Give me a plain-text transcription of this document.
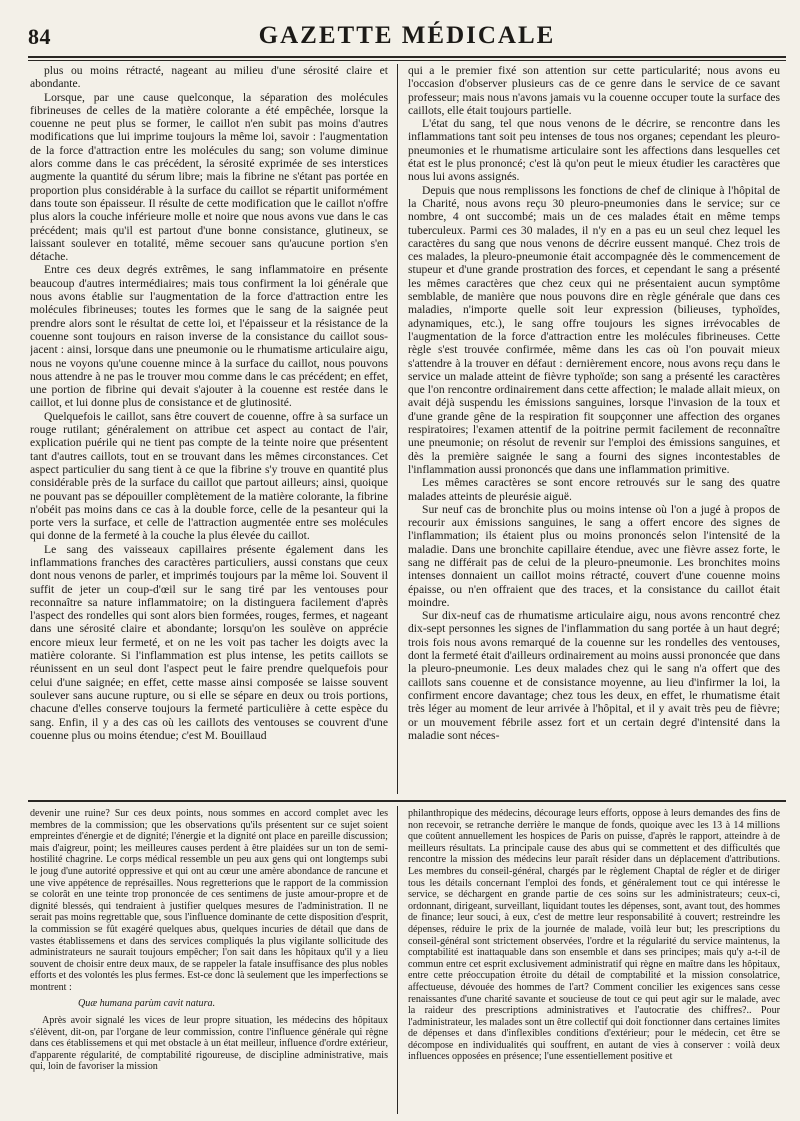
84	GAZETTE MÉDICALE

plus ou moins rétracté, nageant au milieu d'une sérosité claire et abondante.

Lorsque, par une cause quelconque, la séparation des molécules fibrineuses de celles de la matière colorante a été empêchée, lorsque la couenne ne peut plus se former, le caillot n'en subit pas moins d'autres modifications que lui imprime toujours la même loi, savoir : l'augmentation de la force d'attraction entre les molécules du sang; son volume diminue alors comme dans le cas précédent, la sérosité exprimée de ses interstices augmente la quantité du sérum libre; mais la fibrine ne s'étant pas portée en proportion plus considérable à la surface du caillot se répartit uniformément dans toute son épaisseur. Il résulte de cette modification que le caillot n'offre plus alors la couche inférieure molle et noire que nous avons vue dans le cas précédent; mais qu'il est partout d'une bonne consistance, glutineux, se laissant soulever en totalité, même secouer sans qu'aucune portion s'en détache.

Entre ces deux degrés extrêmes, le sang inflammatoire en présente beaucoup d'autres intermédiaires; mais tous confirment la loi générale que nous avons établie sur l'augmentation de la force d'attraction entre les molécules fibrineuses; toutes les formes que le sang de la saignée peut prendre alors sont le résultat de cette loi, et l'épaisseur et la résistance de la couenne sont toujours en raison inverse de la consistance du caillot sous-jacent : ainsi, lorsque dans une pneumonie ou le rhumatisme articulaire aigu, nous ne voyons qu'une couenne mince à la surface du caillot, nous pouvons nous attendre à ne pas le trouver mou comme dans le cas précédent; en effet, une portion de fibrine qui devait s'ajouter à la couenne est restée dans le caillot, et lui donne plus de consistance et de glutinosité.

Quelquefois le caillot, sans être couvert de couenne, offre à sa surface un rouge rutilant; généralement on attribue cet aspect au contact de l'air, explication puérile qui ne tient pas compte de la teinte noire que présentent tant d'autres caillots, tout en se trouvant dans les mêmes circonstances. Cet aspect particulier du sang tient à ce que la fibrine s'y trouve en quantité plus considérable près de la surface du caillot que partout ailleurs; ainsi, quoique ne pouvant pas se dépouiller complètement de la matière colorante, la fibrine n'obéit pas moins dans ce cas à la double force, celle de la pesanteur qui la porte vers la surface, et celle de l'attraction augmentée entre ses molécules qui donne de la fermeté à la couche la plus élevée du caillot.

Le sang des vaisseaux capillaires présente également dans les inflammations franches des caractères particuliers, aussi constans que ceux dont nous venons de parler, et imprimés toujours par la même loi. Souvent il suffit de jeter un coup-d'œil sur le sang tiré par les ventouses pour reconnaître sa nature inflammatoire; on la distinguera facilement d'après l'aspect des rondelles qui sont alors bien formées, rouges, fermes, et nageant dans une sérosité claire et abondante; lorsqu'on les soulève on apprécie encore mieux leur fermeté, et on ne les voit pas tacher les doigts avec la matière colorante. Si l'inflammation est plus intense, les petits caillots se réunissent en un seul dont l'aspect peut le faire prendre quelquefois pour celui d'une saignée; en effet, cette masse ainsi composée se laisse souvent soulever sans aucune rupture, ou si elle se sépare en deux ou trois portions, chacune d'elles conserve toujours la fermeté particulière à cette espèce du sang. Enfin, il y a des cas où les caillots des ventouses se couvrent d'une couenne plus ou moins étendue; c'est M. Bouillaud

qui a le premier fixé son attention sur cette particularité; nous avons eu l'occasion d'observer plusieurs cas de ce genre dans le service de ce savant professeur; mais nous n'avons jamais vu la couenne occuper toute la surface des caillots, elle était toujours partielle.

L'état du sang, tel que nous venons de le décrire, se rencontre dans les inflammations tant soit peu intenses de tous nos organes; cependant les pleuro-pneumonies et le rhumatisme articulaire sont les affections dans lesquelles cet état est le plus prononcé; c'est là qu'on peut le mieux étudier les caractères que nous lui avons assignés.

Depuis que nous remplissons les fonctions de chef de clinique à l'hôpital de la Charité, nous avons reçu 30 pleuro-pneumonies dans le service; sur ce nombre, 4 ont succombé; mais un de ces malades était en même temps tuberculeux. Parmi ces 30 malades, il n'y en a pas eu un seul chez lequel les caractères du sang que nous venons de décrire eussent manqué. Chez trois de ces malades, la pleuro-pneumonie était accompagnée dès le commencement de stupeur et d'une grande prostration des forces, et cependant le sang a présenté les mêmes caractères que chez ceux qui ne présentaient aucun symptôme semblable, de manière que nous pouvons dire en règle générale que dans ces maladies, n'importe quelle soit leur expression (bilieuses, typhoïdes, adynamiques, etc.), le sang offre toujours les signes irrévocables de l'augmentation de la force d'attraction entre les molécules fibrineuses. Cette règle s'est trouvée confirmée, même dans les cas où l'on pouvait mieux s'attendre à la trouver en défaut : dernièrement encore, nous avons reçu dans le service un malade atteint de fièvre typhoïde; son sang a présenté les caractères que l'on rencontre ordinairement dans cette affection; le malade allait mieux, on avait déjà suspendu les émissions sanguines, lorsque l'invasion de la toux et d'une grande gêne de la respiration fit soupçonner une affection des organes respiratoires; l'examen attentif de la poitrine permit facilement de reconnaître une pneumonie; on résolut de revenir sur l'emploi des émissions sanguines, et dès la première saignée le sang a fourni des signes incontestables de l'inflammation aussi prononcés que dans une inflammation primitive.

Les mêmes caractères se sont encore retrouvés sur le sang des quatre malades atteints de pleurésie aiguë.

Sur neuf cas de bronchite plus ou moins intense où l'on a jugé à propos de recourir aux émissions sanguines, le sang a offert encore des signes de l'inflammation; ils étaient plus ou moins prononcés selon l'intensité de la maladie. Dans une bronchite capillaire étendue, avec une fièvre assez forte, le sang ne différait pas de celui de la pleuro-pneumonie. Les bronchites moins intenses donnaient un caillot moins rétracté, couvert d'une couenne moins épaisse, ou n'en offraient que des traces, et la consistance du caillot était moindre.

Sur dix-neuf cas de rhumatisme articulaire aigu, nous avons rencontré chez dix-sept personnes les signes de l'inflammation du sang portée à un haut degré; trois fois nous avons remarqué de la couenne sur les rondelles des ventouses, dont la fermeté était d'ailleurs ordinairement au moins aussi prononcée que dans la pleuro-pneumonie. Les deux malades chez qui le sang n'a offert que des caillots sans couenne et de consistance moyenne, au lieu d'infirmer la loi, la confirment encore davantage; chez tous les deux, en effet, le rhumatisme était très léger au moment de leur arrivée à l'hôpital, et il y avait très peu de fièvre; or un mouvement fébrile assez fort et un certain degré d'intensité dans la maladie sont néces-

devenir une ruine? Sur ces deux points, nous sommes en accord complet avec les membres de la commission; que les observations qu'ils présentent sur ce sujet soient empreintes d'énergie et de dignité; l'énergie et la dignité ont place en pareille discussion; mais d'aigreur, point; les meilleures causes perdent à être plaidées sur un ton de semi-hostilité chagrine. Le corps médical ressemble un peu aux gens qui ont longtemps subi le joug d'une autorité oppressive et qui ont au cœur une amère abondance de rancune et une vive appétence de représailles. Nous regretterions que le rapport de la commission se colorât en une teinte trop prononcée de ces sentimens de juste amour-propre et de dignité blessés, qui tendraient à justifier quelques mesures de l'administration. Il ne serait pas moins regrettable que, sous l'influence dominante de cette disposition d'esprit, la commission se fût exagéré quelques abus, quelques incuries de détail que dans de vastes établissemens et dans des services compliqués la plus vigilante sollicitude des administrateurs ne saurait toujours empêcher; l'on sait dans les hôpitaux qu'il y a lieu souvent de choisir entre deux maux, de se rappeler la fatale insuffisance des plus nobles efforts et des volontés les plus fermes. Est-ce donc là seulement que les imperfections se montrent :

Quæ humana parùm cavit natura.

Après avoir signalé les vices de leur propre situation, les médecins des hôpitaux s'élèvent, dit-on, par l'organe de leur commission, contre l'influence générale qui règne dans ces établissemens et qui met obstacle à un état meilleur, influence d'ordre extérieur, d'apparente régularité, de comptabilité rigoureuse, de discipline administrative, mais qui, loin de favoriser la mission

philanthropique des médecins, décourage leurs efforts, oppose à leurs demandes des fins de non recevoir, se retranche derrière le manque de fonds, quoique avec les 13 à 14 millions que coûtent annuellement les hospices de Paris on puisse, d'après le rapport, atteindre à de meilleurs résultats. La principale cause des abus qui se commettent et des difficultés que rencontre la mission des médecins leur paraît résider dans un déplacement d'attributions. Les membres du conseil-général, chargés par le règlement Chaptal de régler et de diriger tous les détails concernant l'emploi des fonds, et généralement tout ce qui intéresse le service, se déchargent en grande partie de ces soins sur les administrateurs; ceux-ci, ordonnant, dirigeant, surveillant, liquidant toutes les dépenses, sont, avant tout, des hommes de finance; leur souci, à eux, c'est de mettre leur responsabilité à couvert; restreindre les dépenses, réduire le prix de la journée de malade, voilà leur but; les prescriptions du conseil-général sont strictement observées, l'ordre et la régularité du service maintenus, la comptabilité est inattaquable dans son ensemble et dans ses principes; mais qu'y a-t-il de commun entre cet esprit exclusivement administratif qui règne en maître dans les hôpitaux, entre cette préoccupation étroite du détail de comptabilité et la mission consolatrice, affectueuse, dévouée des hommes de l'art? Comment concilier les exigences sans cesse renaissantes d'une charité savante et soucieuse de tout ce qui peut agir sur le malade, avec la raideur des prescriptions administratives et l'autocratie des chiffres?.. Pour l'administrateur, les malades sont un être collectif qui doit fonctionner dans certaines limites de dépenses et dans d'inflexibles conditions d'extérieur; pour le médecin, cet être se décompose en individualités qui souffrent, en autant de vies à conserver : voilà deux influences opposées en présence; l'une essentiellement positive et
